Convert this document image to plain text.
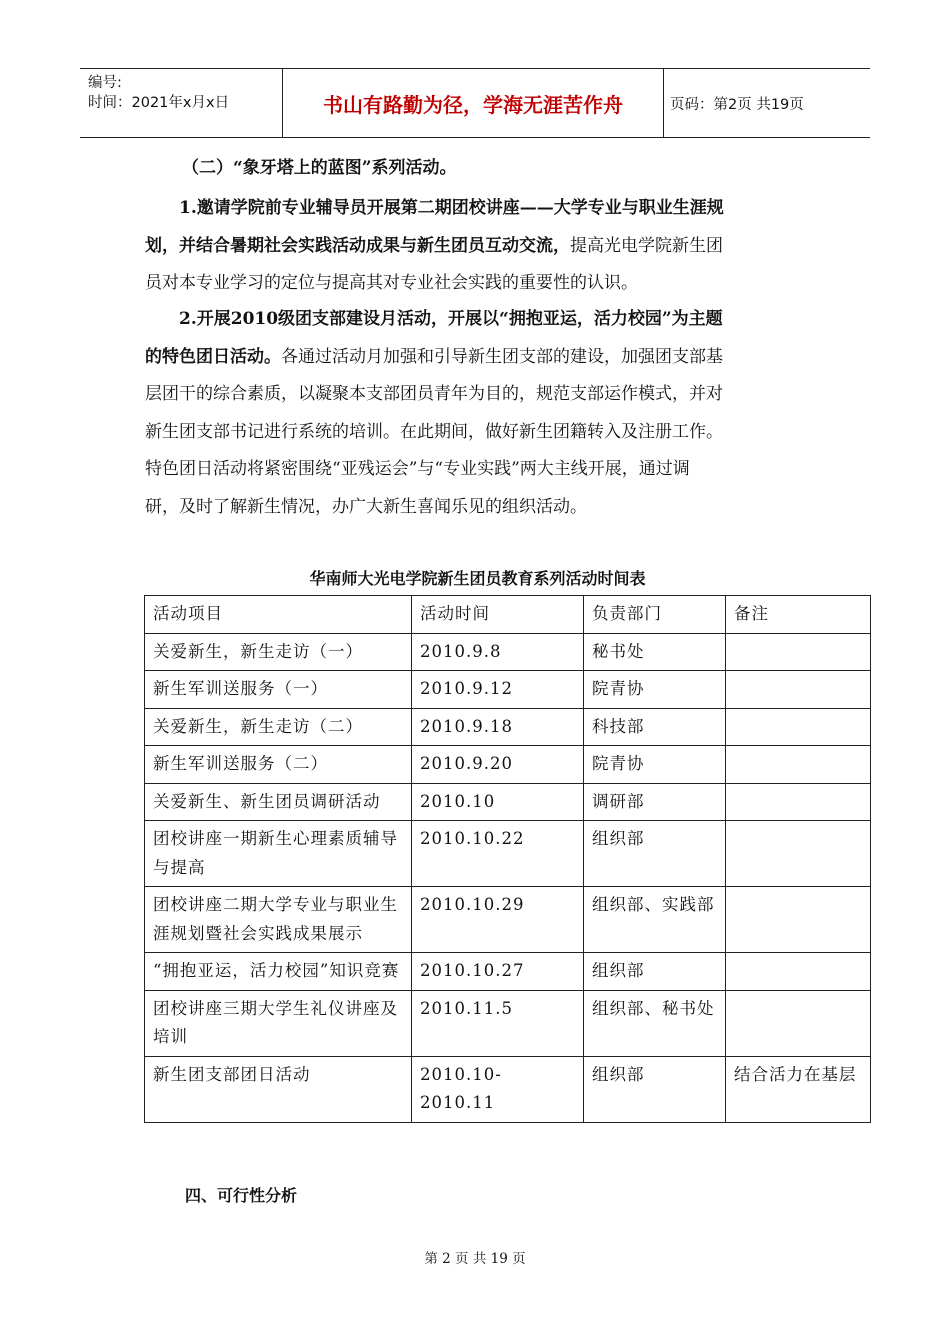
编号:
时间：2021年x月x日	书山有路勤为径，学海无涯苦作舟	页码：第2页 共19页
（二）“象牙塔上的蓝图”系列活动。
1.邀请学院前专业辅导员开展第二期团校讲座——大学专业与职业生涯规
划，并结合暑期社会实践活动成果与新生团员互动交流，提高光电学院新生团
员对本专业学习的定位与提高其对专业社会实践的重要性的认识。
2.开展2010级团支部建设月活动，开展以“拥抱亚运，活力校园”为主题
的特色团日活动。各通过活动月加强和引导新生团支部的建设，加强团支部基
层团干的综合素质，以凝聚本支部团员青年为目的，规范支部运作模式，并对
新生团支部书记进行系统的培训。在此期间，做好新生团籍转入及注册工作。
特色团日活动将紧密围绕“亚残运会”与“专业实践”两大主线开展，通过调
研，及时了解新生情况，办广大新生喜闻乐见的组织活动。
华南师大光电学院新生团员教育系列活动时间表
活动项目	活动时间	负责部门	备注
关爱新生，新生走访（一）	2010.9.8	秘书处	
新生军训送服务（一）	2010.9.12	院青协	
关爱新生，新生走访（二）	2010.9.18	科技部	
新生军训送服务（二）	2010.9.20	院青协	
关爱新生、新生团员调研活动	2010.10	调研部	
团校讲座一期新生心理素质辅导与提高	2010.10.22	组织部	
团校讲座二期大学专业与职业生涯规划暨社会实践成果展示	2010.10.29	组织部、实践部	
“拥抱亚运，活力校园”知识竞赛	2010.10.27	组织部	
团校讲座三期大学生礼仪讲座及培训	2010.11.5	组织部、秘书处	
新生团支部团日活动	2010.10-2010.11	组织部	结合活力在基层
四、可行性分析
第 2 页 共 19 页
